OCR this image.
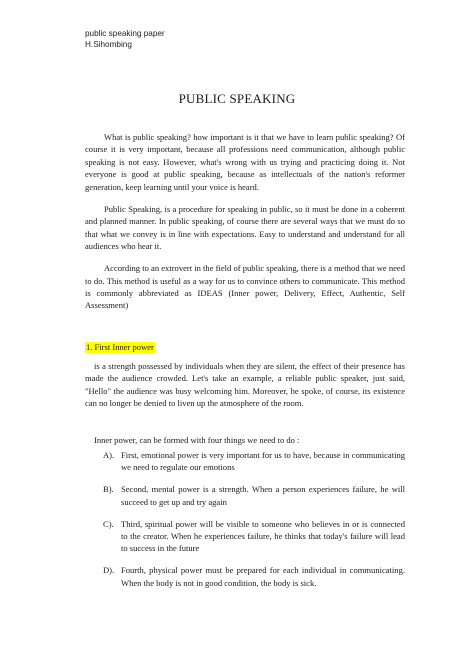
public speaking paper
H.Sihombing
PUBLIC SPEAKING

What is public speaking? how important is it that we have to learn public speaking? Of course it is very important, because all professions need communication, although public speaking is not easy. However, what's wrong with us trying and practicing doing it. Not everyone is good at public speaking, because as intellectuals of the nation's reformer generation, keep learning until your voice is heard.

Public Speaking, is a procedure for speaking in public, so it must be done in a coherent and planned manner. In public speaking, of course there are several ways that we must do so that what we convey is in line with expectations. Easy to understand and understand for all audiences who hear it.

According to an extrovert in the field of public speaking, there is a method that we need to do. This method is useful as a way for us to convince others to communicate. This method is commonly abbreviated as IDEAS (Inner power, Delivery, Effect, Authentic, Self Assessment)

1. First Inner power

is a strength possessed by individuals when they are silent, the effect of their presence has made the audience crowded. Let's take an example, a reliable public speaker, just said, "Hello" the audience was busy welcoming him. Moreover, he spoke, of course, its existence can no longer be denied to liven up the atmosphere of the room.

Inner power, can be formed with four things we need to do :
A). First, emotional power is very important for us to have, because in communicating we need to regulate our emotions
B). Second, mental power is a strength. When a person experiences failure, he will succeed to get up and try again
C). Third, spiritual power will be visible to someone who believes in or is connected to the creator. When he experiences failure, he thinks that today's failure will lead to success in the future
D). Fourth, physical power must be prepared for each individual in communicating. When the body is not in good condition, the body is sick.
